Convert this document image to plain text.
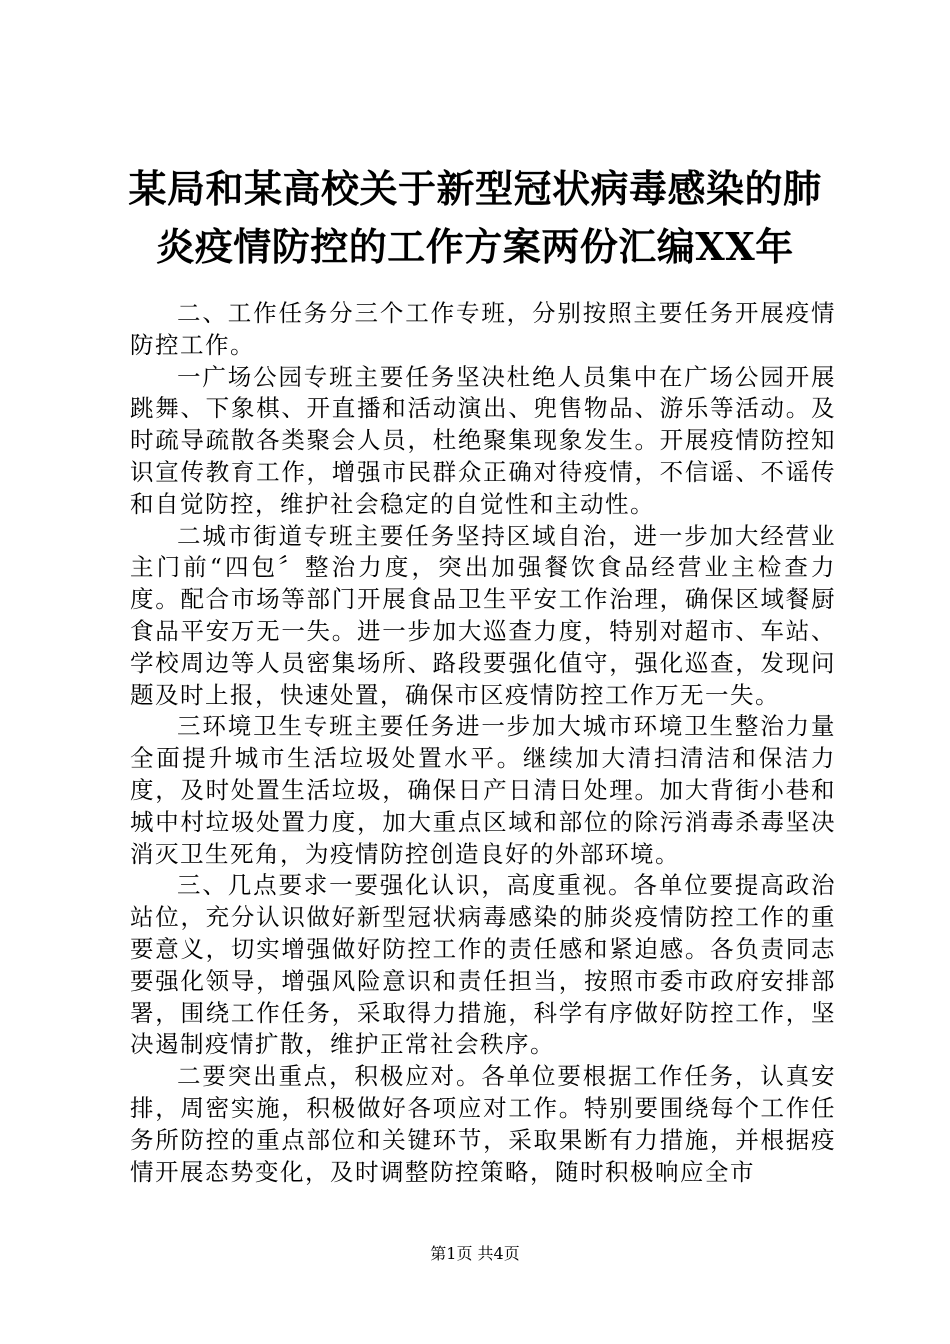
某局和某高校关于新型冠状病毒感染的肺炎疫情防控的工作方案两份汇编XX年

二、工作任务分三个工作专班，分别按照主要任务开展疫情防控工作。

一广场公园专班主要任务坚决杜绝人员集中在广场公园开展跳舞、下象棋、开直播和活动演出、兜售物品、游乐等活动。及时疏导疏散各类聚会人员，杜绝聚集现象发生。开展疫情防控知识宣传教育工作，增强市民群众正确对待疫情，不信谣、不谣传和自觉防控，维护社会稳定的自觉性和主动性。

二城市街道专班主要任务坚持区域自治，进一步加大经营业主门前“四包〞整治力度，突出加强餐饮食品经营业主检查力度。配合市场等部门开展食品卫生平安工作治理，确保区域餐厨食品平安万无一失。进一步加大巡查力度，特别对超市、车站、学校周边等人员密集场所、路段要强化值守，强化巡查，发现问题及时上报，快速处置，确保市区疫情防控工作万无一失。

三环境卫生专班主要任务进一步加大城市环境卫生整治力量全面提升城市生活垃圾处置水平。继续加大清扫清洁和保洁力度，及时处置生活垃圾，确保日产日清日处理。加大背街小巷和城中村垃圾处置力度，加大重点区域和部位的除污消毒杀毒坚决消灭卫生死角，为疫情防控创造良好的外部环境。

三、几点要求一要强化认识，高度重视。各单位要提高政治站位，充分认识做好新型冠状病毒感染的肺炎疫情防控工作的重要意义，切实增强做好防控工作的责任感和紧迫感。各负责同志要强化领导，增强风险意识和责任担当，按照市委市政府安排部署，围绕工作任务，采取得力措施，科学有序做好防控工作，坚决遏制疫情扩散，维护正常社会秩序。

二要突出重点，积极应对。各单位要根据工作任务，认真安排，周密实施，积极做好各项应对工作。特别要围绕每个工作任务所防控的重点部位和关键环节，采取果断有力措施，并根据疫情开展态势变化，及时调整防控策略，随时积极响应全市

第1页 共4页
